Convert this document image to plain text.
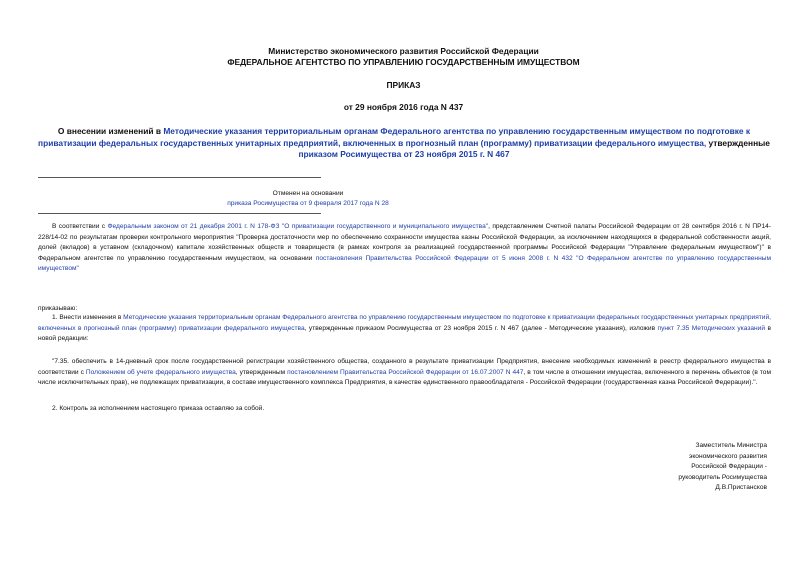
Министерство экономического развития Российской Федерации
ФЕДЕРАЛЬНОЕ АГЕНТСТВО ПО УПРАВЛЕНИЮ ГОСУДАРСТВЕННЫМ ИМУЩЕСТВОМ
ПРИКАЗ
от 29 ноября 2016 года N 437
О внесении изменений в Методические указания территориальным органам Федерального агентства по управлению государственным имуществом по подготовке к приватизации федеральных государственных унитарных предприятий, включенных в прогнозный план (программу) приватизации федерального имущества, утвержденные приказом Росимущества от 23 ноября 2015 г. N 467
Отменен на основании
приказа Росимущества от 9 февраля 2017 года N 28
В соответствии с Федеральным законом от 21 декабря 2001 г. N 178-ФЗ "О приватизации государственного и муниципального имущества", представлением Счетной палаты Российской Федерации от 28 сентября 2016 г. N ПР14-228/14-02 по результатам проверки контрольного мероприятия "Проверка достаточности мер по обеспечению сохранности имущества казны Российской Федерации, за исключением находящихся в федеральной собственности акций, долей (вкладов) в уставном (складочном) капитале хозяйственных обществ и товариществ (в рамках контроля за реализацией государственной программы Российской Федерации "Управление федеральным имуществом")" в Федеральном агентстве по управлению государственным имуществом, на основании постановления Правительства Российской Федерации от 5 июня 2008 г. N 432 "О Федеральном агентстве по управлению государственным имуществом"
приказываю:
1. Внести изменения в Методические указания территориальным органам Федерального агентства по управлению государственным имуществом по подготовке к приватизации федеральных государственных унитарных предприятий, включенных в прогнозный план (программу) приватизации федерального имущества, утвержденные приказом Росимущества от 23 ноября 2015 г. N 467 (далее - Методические указания), изложив пункт 7.35 Методических указаний в новой редакции:
"7.35. обеспечить в 14-дневный срок после государственной регистрации хозяйственного общества, созданного в результате приватизации Предприятия, внесение необходимых изменений в реестр федерального имущества в соответствии с Положением об учете федерального имущества, утвержденным постановлением Правительства Российской Федерации от 16.07.2007 N 447, в том числе в отношении имущества, включенного в перечень объектов (в том числе исключительных прав), не подлежащих приватизации, в составе имущественного комплекса Предприятия, в качестве единственного правообладателя - Российской Федерации (государственная казна Российской Федерации).".
2. Контроль за исполнением настоящего приказа оставляю за собой.
Заместитель Министра
экономического развития
Российской Федерации -
руководитель Росимущества
Д.В.Пристансков
